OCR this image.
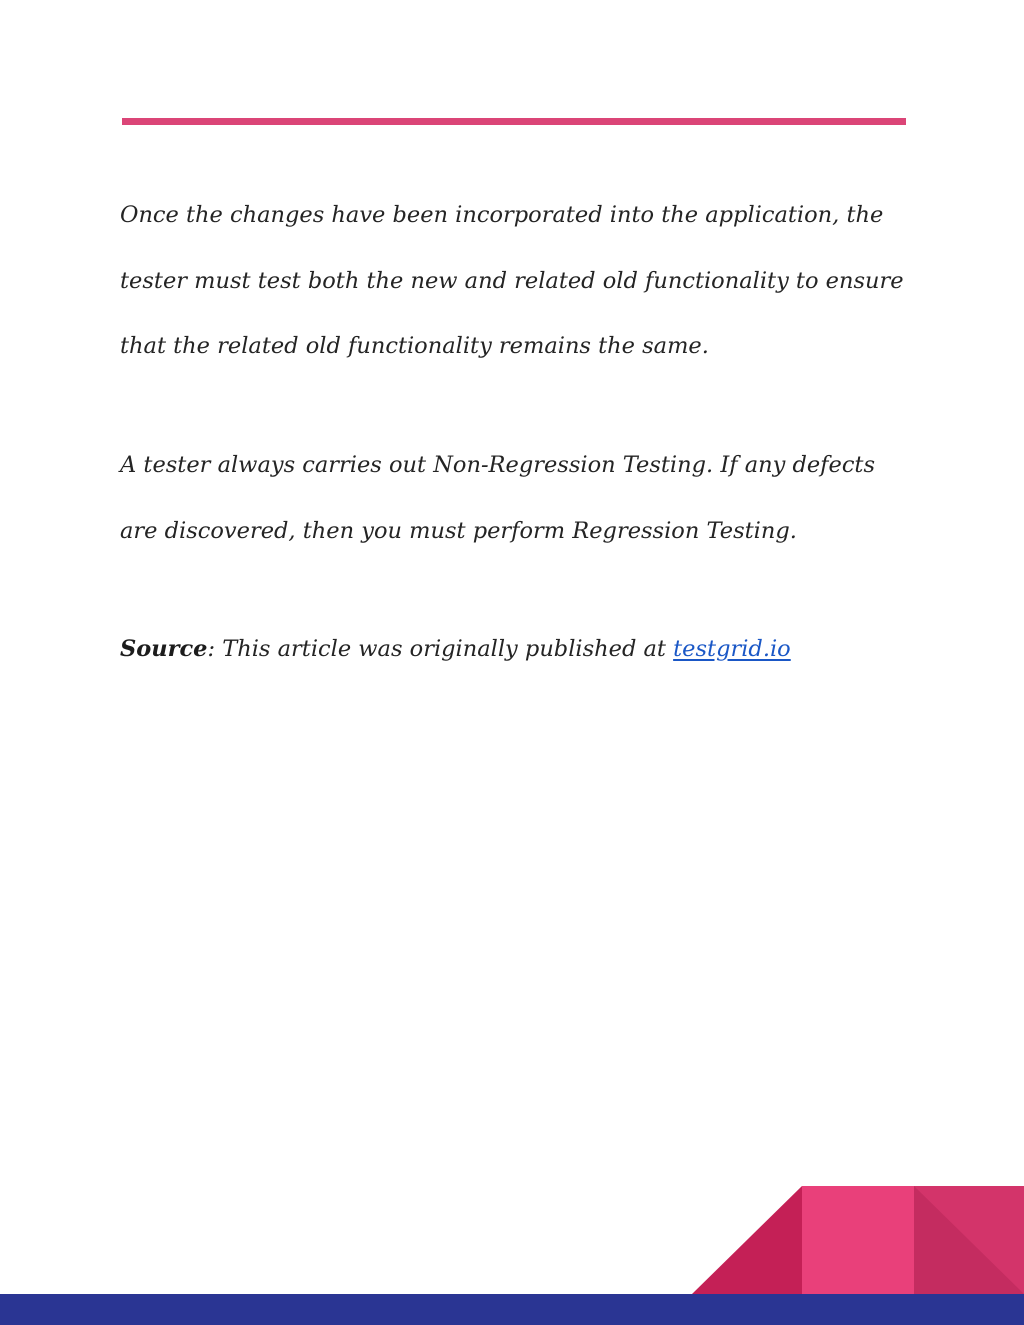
Once the changes have been incorporated into the application, the
tester must test both the new and related old functionality to ensure
that the related old functionality remains the same.

A tester always carries out Non-Regression Testing. If any defects
are discovered, then you must perform Regression Testing.

Source: This article was originally published at testgrid.io
